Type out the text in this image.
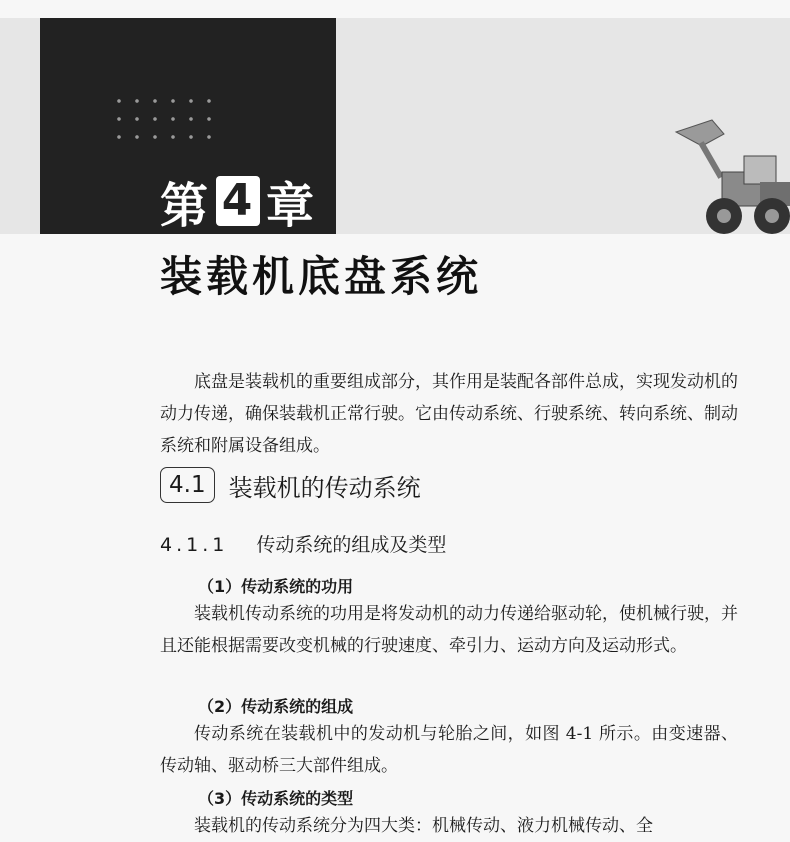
第 4 章
装载机底盘系统

底盘是装载机的重要组成部分，其作用是装配各部件总成，实现发动机的动力传递，确保装载机正常行驶。它由传动系统、行驶系统、转向系统、制动系统和附属设备组成。

4.1 装载机的传动系统
4.1.1 传动系统的组成及类型
（1）传动系统的功用

装载机传动系统的功用是将发动机的动力传递给驱动轮，使机械行驶，并且还能根据需要改变机械的行驶速度、牵引力、运动方向及运动形式。

（2）传动系统的组成

传动系统在装载机中的发动机与轮胎之间，如图 4-1 所示。由变速器、传动轴、驱动桥三大部件组成。

（3）传动系统的类型

装载机的传动系统分为四大类：机械传动、液力机械传动、全
